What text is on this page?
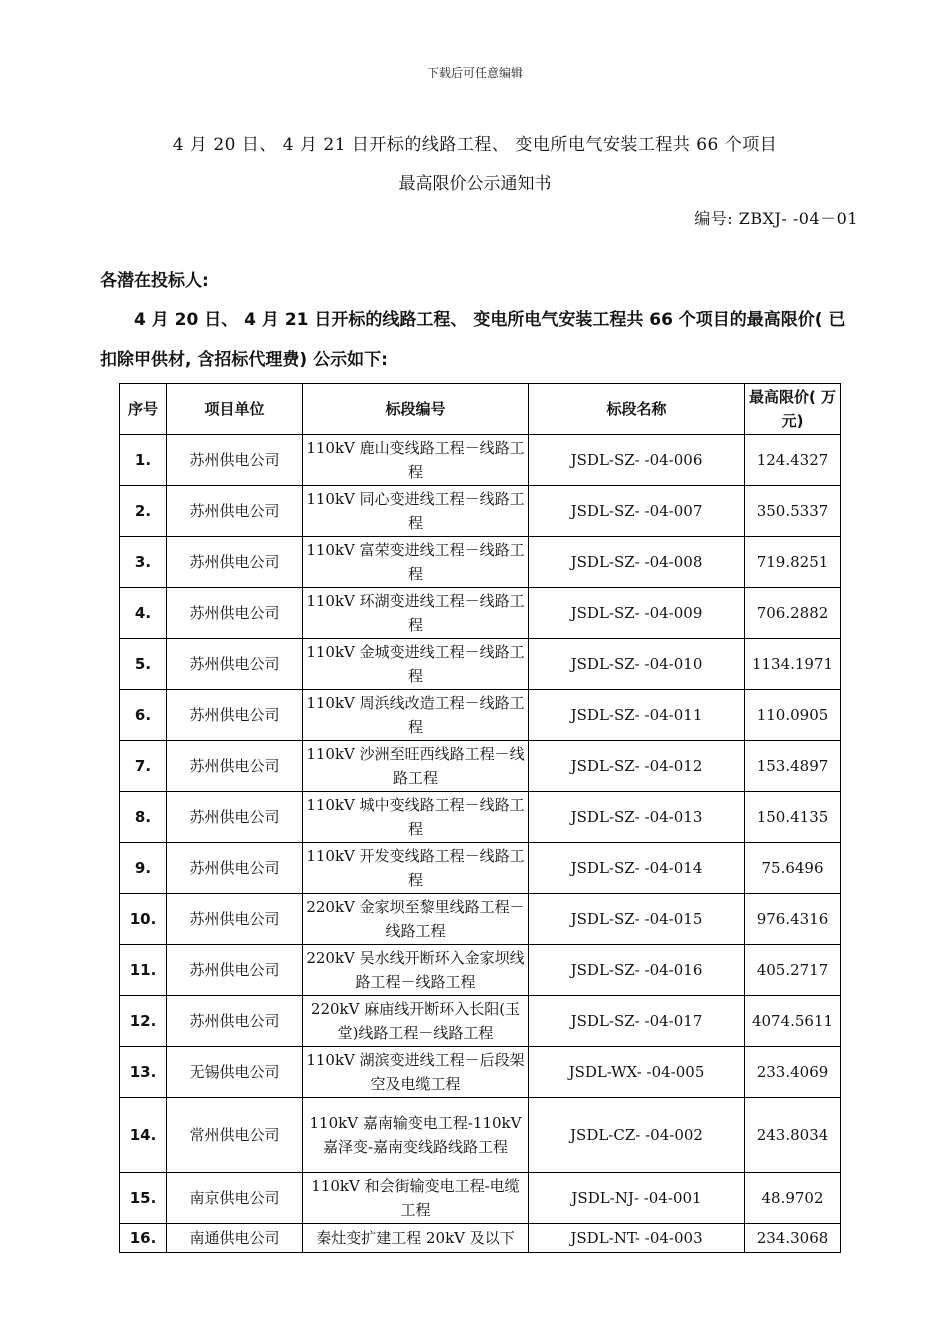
下载后可任意编辑
4 月 20 日、 4 月 21 日开标的线路工程、 变电所电气安装工程共 66 个项目
最高限价公示通知书
编号: ZBXJ- -04－01
各潜在投标人:
4 月 20 日、 4 月 21 日开标的线路工程、 变电所电气安装工程共 66 个项目的最高限价( 已扣除甲供材, 含招标代理费) 公示如下:
序号	项目单位	标段编号	标段名称	最高限价( 万元)
1.	苏州供电公司	110kV 鹿山变线路工程－线路工程	JSDL-SZ- -04-006	124.4327
2.	苏州供电公司	110kV 同心变进线工程－线路工程	JSDL-SZ- -04-007	350.5337
3.	苏州供电公司	110kV 富荣变进线工程－线路工程	JSDL-SZ- -04-008	719.8251
4.	苏州供电公司	110kV 环湖变进线工程－线路工程	JSDL-SZ- -04-009	706.2882
5.	苏州供电公司	110kV 金城变进线工程－线路工程	JSDL-SZ- -04-010	1134.1971
6.	苏州供电公司	110kV 周浜线改造工程－线路工程	JSDL-SZ- -04-011	110.0905
7.	苏州供电公司	110kV 沙洲至旺西线路工程－线路工程	JSDL-SZ- -04-012	153.4897
8.	苏州供电公司	110kV 城中变线路工程－线路工程	JSDL-SZ- -04-013	150.4135
9.	苏州供电公司	110kV 开发变线路工程－线路工程	JSDL-SZ- -04-014	75.6496
10.	苏州供电公司	220kV 金家坝至黎里线路工程－线路工程	JSDL-SZ- -04-015	976.4316
11.	苏州供电公司	220kV 吴水线开断环入金家坝线路工程－线路工程	JSDL-SZ- -04-016	405.2717
12.	苏州供电公司	220kV 麻庙线开断环入长阳(玉堂)线路工程－线路工程	JSDL-SZ- -04-017	4074.5611
13.	无锡供电公司	110kV 湖滨变进线工程－后段架空及电缆工程	JSDL-WX- -04-005	233.4069
14.	常州供电公司	110kV 嘉南输变电工程-110kV 嘉泽变-嘉南变线路线路工程	JSDL-CZ- -04-002	243.8034
15.	南京供电公司	110kV 和会街输变电工程-电缆工程	JSDL-NJ- -04-001	48.9702
16.	南通供电公司	秦灶变扩建工程 20kV 及以下	JSDL-NT- -04-003	234.3068
